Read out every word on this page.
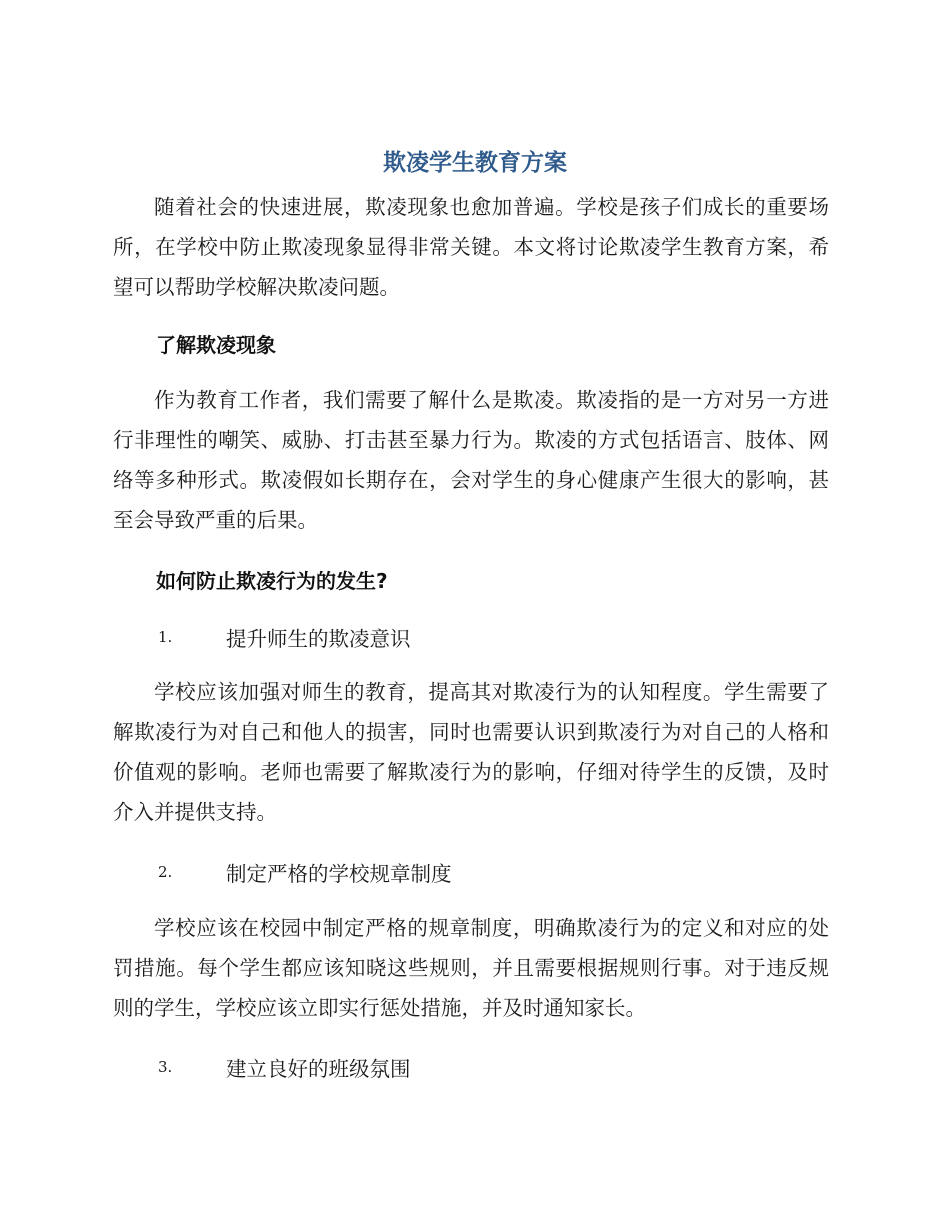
欺凌学生教育方案

随着社会的快速进展，欺凌现象也愈加普遍。学校是孩子们成长的重要场所，在学校中防止欺凌现象显得非常关键。本文将讨论欺凌学生教育方案，希望可以帮助学校解决欺凌问题。

了解欺凌现象

作为教育工作者，我们需要了解什么是欺凌。欺凌指的是一方对另一方进行非理性的嘲笑、威胁、打击甚至暴力行为。欺凌的方式包括语言、肢体、网络等多种形式。欺凌假如长期存在，会对学生的身心健康产生很大的影响，甚至会导致严重的后果。

如何防止欺凌行为的发生?
1.	提升师生的欺凌意识

学校应该加强对师生的教育，提高其对欺凌行为的认知程度。学生需要了解欺凌行为对自己和他人的损害，同时也需要认识到欺凌行为对自己的人格和价值观的影响。老师也需要了解欺凌行为的影响，仔细对待学生的反馈，及时介入并提供支持。

2.	制定严格的学校规章制度

学校应该在校园中制定严格的规章制度，明确欺凌行为的定义和对应的处罚措施。每个学生都应该知晓这些规则，并且需要根据规则行事。对于违反规则的学生，学校应该立即实行惩处措施，并及时通知家长。

3.	建立良好的班级氛围
